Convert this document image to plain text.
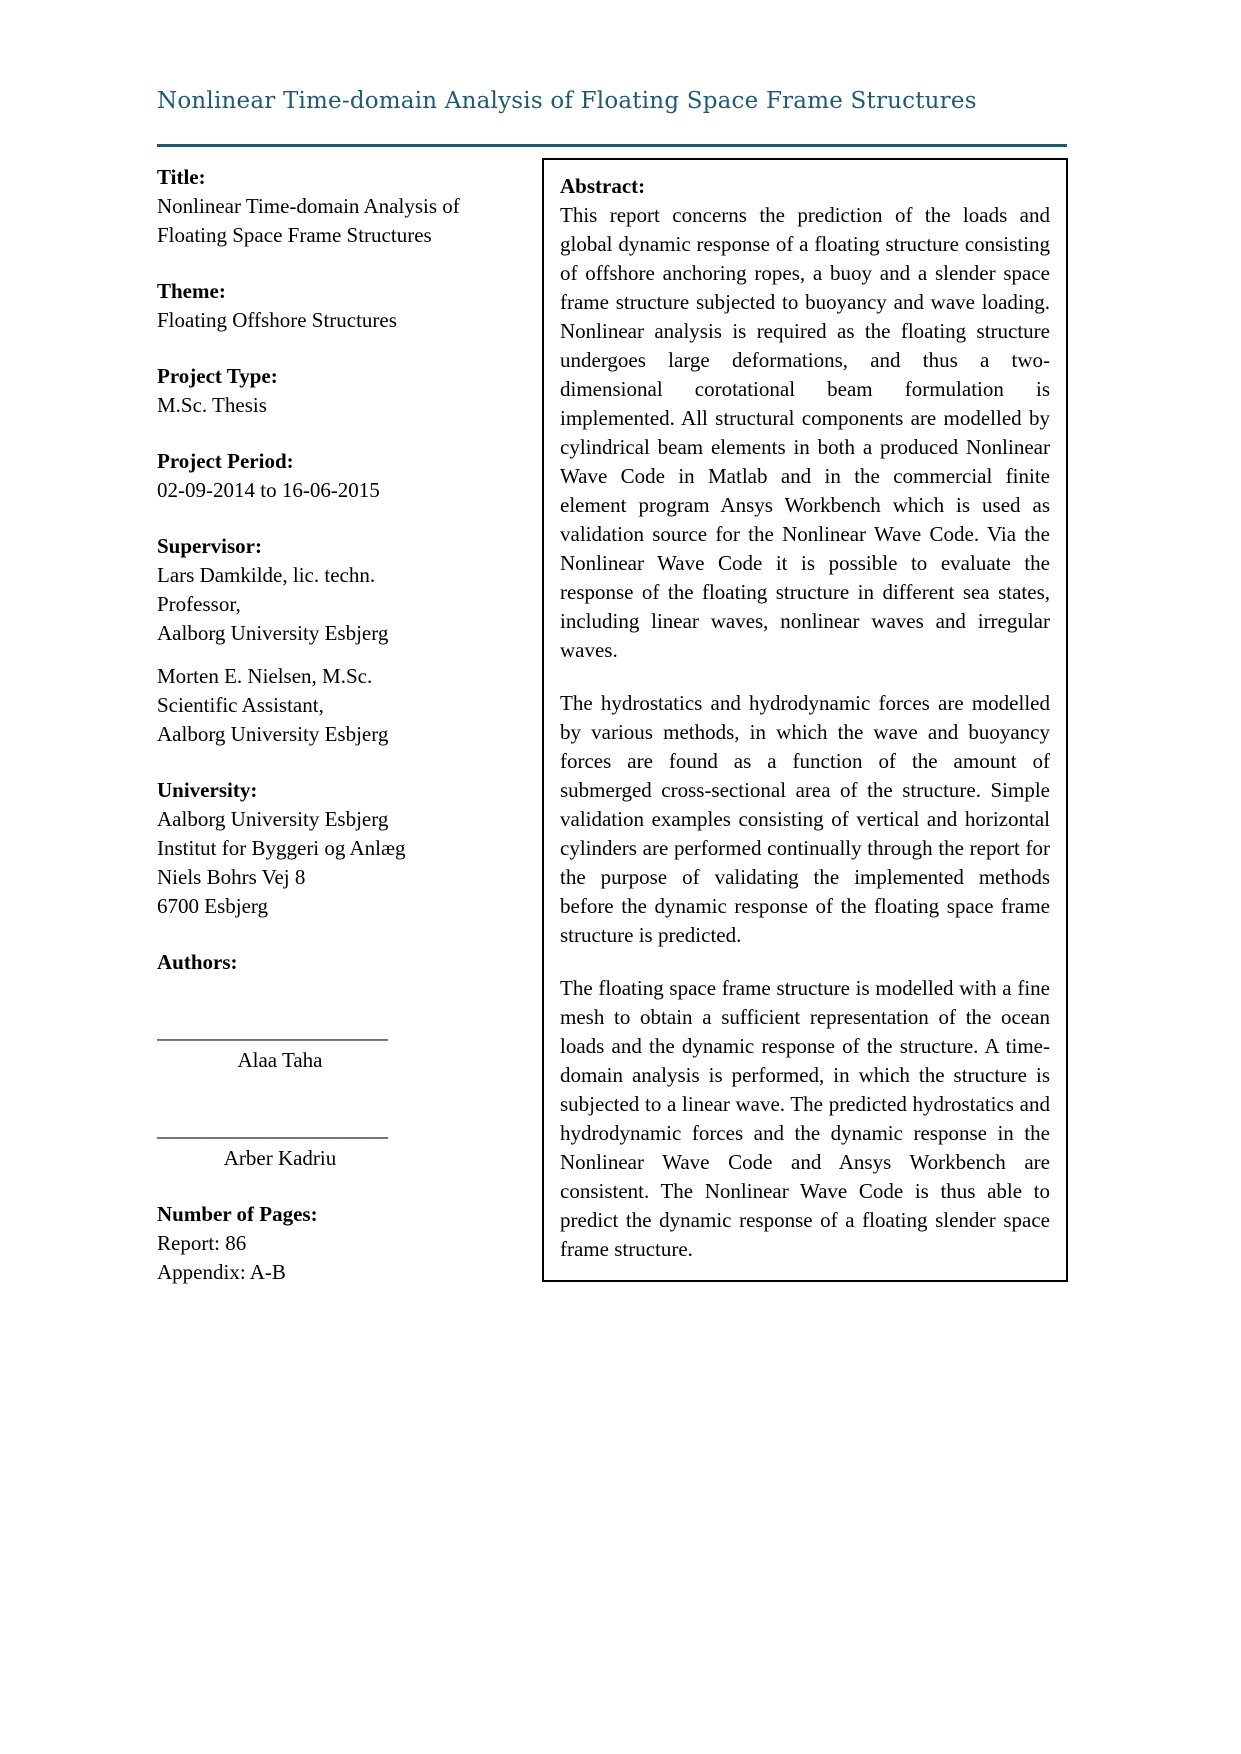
Nonlinear Time-domain Analysis of Floating Space Frame Structures
Title:
Nonlinear Time-domain Analysis of
Floating Space Frame Structures
Theme:
Floating Offshore Structures
Project Type:
M.Sc. Thesis
Project Period:
02-09-2014 to 16-06-2015
Supervisor:
Lars Damkilde, lic. techn.
Professor,
Aalborg University Esbjerg
Morten E. Nielsen, M.Sc.
Scientific Assistant,
Aalborg University Esbjerg
University:
Aalborg University Esbjerg
Institut for Byggeri og Anlæg
Niels Bohrs Vej 8
6700 Esbjerg
Authors:
______________________
Alaa Taha
______________________
Arber Kadriu
Number of Pages:
Report: 86
Appendix: A-B
Abstract:

This report concerns the prediction of the loads and global dynamic response of a floating structure consisting of offshore anchoring ropes, a buoy and a slender space frame structure subjected to buoyancy and wave loading. Nonlinear analysis is required as the floating structure undergoes large deformations, and thus a two-dimensional corotational beam formulation is implemented. All structural components are modelled by cylindrical beam elements in both a produced Nonlinear Wave Code in Matlab and in the commercial finite element program Ansys Workbench which is used as validation source for the Nonlinear Wave Code. Via the Nonlinear Wave Code it is possible to evaluate the response of the floating structure in different sea states, including linear waves, nonlinear waves and irregular waves.

The hydrostatics and hydrodynamic forces are modelled by various methods, in which the wave and buoyancy forces are found as a function of the amount of submerged cross-sectional area of the structure. Simple validation examples consisting of vertical and horizontal cylinders are performed continually through the report for the purpose of validating the implemented methods before the dynamic response of the floating space frame structure is predicted.

The floating space frame structure is modelled with a fine mesh to obtain a sufficient representation of the ocean loads and the dynamic response of the structure. A time-domain analysis is performed, in which the structure is subjected to a linear wave. The predicted hydrostatics and hydrodynamic forces and the dynamic response in the Nonlinear Wave Code and Ansys Workbench are consistent. The Nonlinear Wave Code is thus able to predict the dynamic response of a floating slender space frame structure.
